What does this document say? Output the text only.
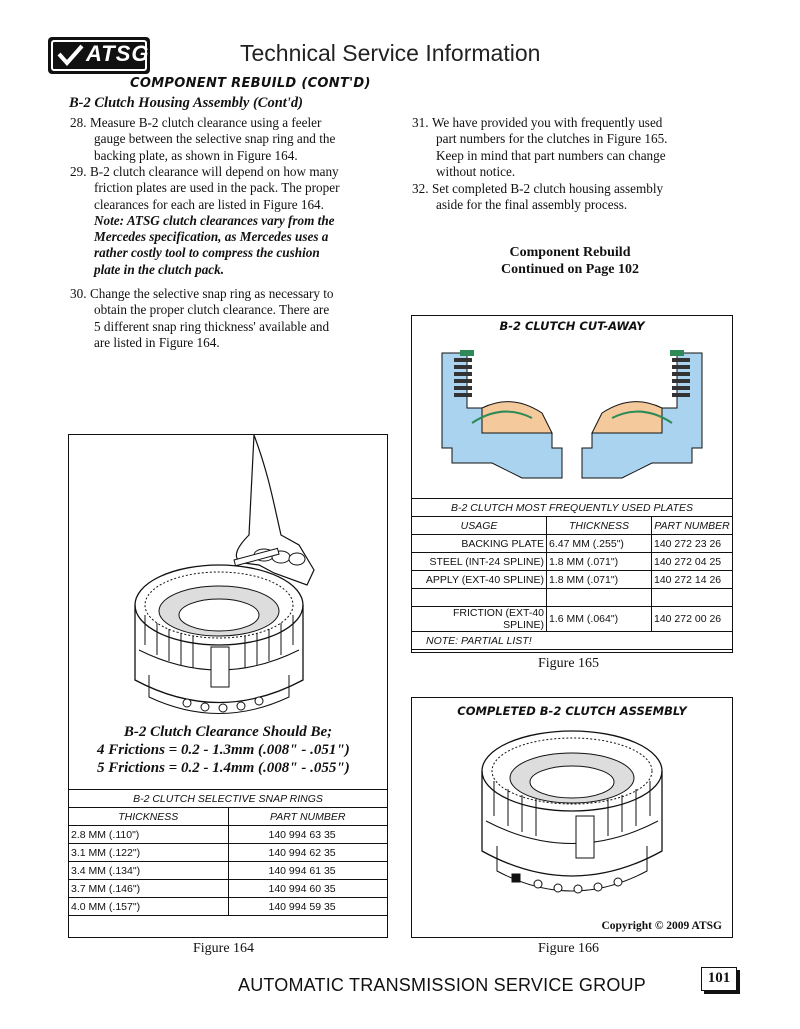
ATSG	Technical Service Information
COMPONENT REBUILD (CONT'D)
B-2 Clutch Housing Assembly (Cont'd)
28. Measure B-2 clutch clearance using a feeler
gauge between the selective snap ring and the
backing plate, as shown in Figure 164.
29. B-2 clutch clearance will depend on how many
friction plates are used in the pack. The proper
clearances for each are listed in Figure 164.
Note: ATSG clutch clearances vary from the
Mercedes specification, as Mercedes uses a
rather costly tool to compress the cushion
plate in the clutch pack.
30. Change the selective snap ring as necessary to
obtain the proper clutch clearance. There are
5 different snap ring thickness' available and
are listed in Figure 164.
31. We have provided you with frequently used
part numbers for the clutches in Figure 165.
Keep in mind that part numbers can change
without notice.
32. Set completed B-2 clutch housing assembly
aside for the final assembly process.
Component Rebuild
Continued on Page 102
B-2 Clutch Clearance Should Be;
4 Frictions = 0.2 - 1.3mm (.008" - .051")
5 Frictions = 0.2 - 1.4mm (.008" - .055")
B-2 CLUTCH SELECTIVE SNAP RINGS	
THICKNESS	PART NUMBER
2.8 MM (.110")	140 994 63 35
3.1 MM (.122")	140 994 62 35
3.4 MM (.134")	140 994 61 35
3.7 MM (.146")	140 994 60 35
4.0 MM (.157")	140 994 59 35
Figure 164
B-2 CLUTCH CUT-AWAY
B-2 CLUTCH MOST FREQUENTLY USED PLATES		
USAGE	THICKNESS	PART NUMBER
BACKING PLATE	6.47 MM (.255")	140 272 23 26
STEEL (INT-24 SPLINE)	1.8 MM (.071")	140 272 04 25
APPLY (EXT-40 SPLINE)	1.8 MM (.071")	140 272 14 26

FRICTION (EXT-40 SPLINE)	1.6 MM (.064")	140 272 00 26
NOTE: PARTIAL LIST!		
Figure 165
COMPLETED B-2 CLUTCH ASSEMBLY
Copyright © 2009 ATSG
Figure 166
AUTOMATIC TRANSMISSION SERVICE GROUP	101
